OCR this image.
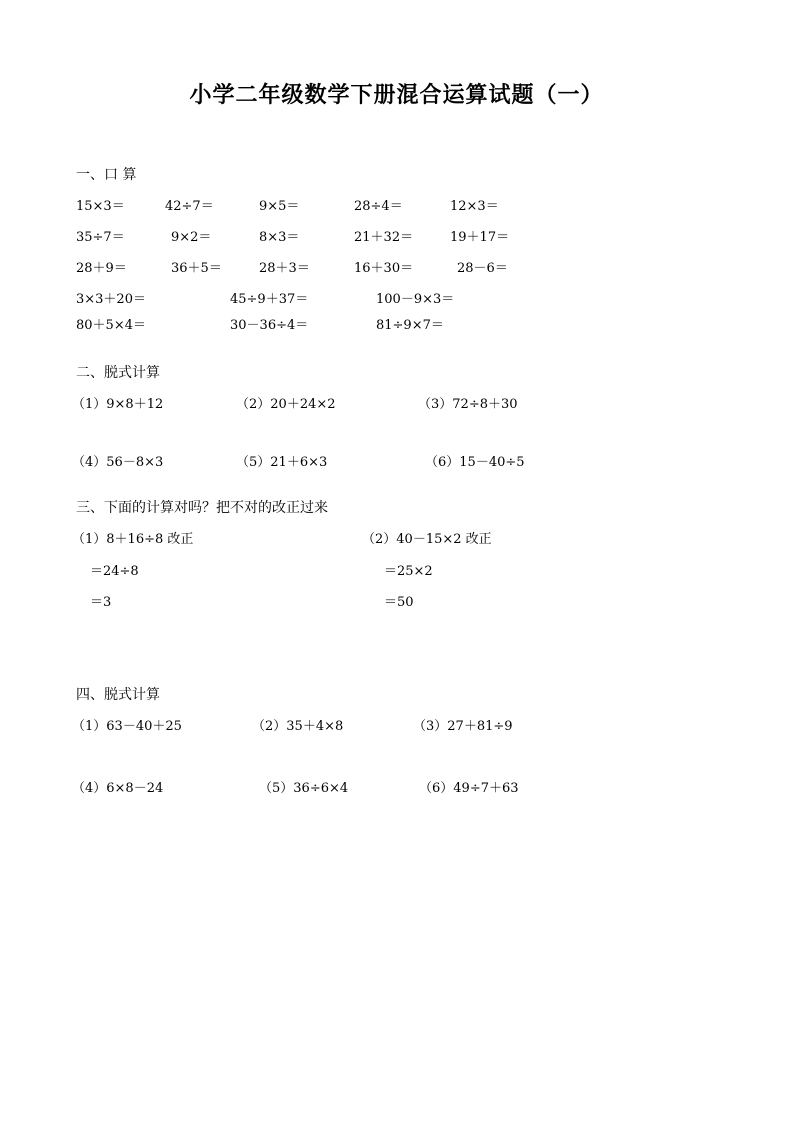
小学二年级数学下册混合运算试题（一）
一、口 算
15×3＝	42÷7＝	9×5＝	28÷4＝	12×3＝
35÷7＝	9×2＝	8×3＝	21＋32＝	19＋17＝
28＋9＝	36＋5＝	28＋3＝	16＋30＝	28－6＝
3×3＋20＝	45÷9＋37＝	100－9×3＝
80＋5×4＝	30－36÷4＝	81÷9×7＝
二、脱式计算
（1）9×8＋12	（2）20＋24×2	（3）72÷8＋30
（4）56－8×3	（5）21＋6×3	（6）15－40÷5
三、下面的计算对吗？把不对的改正过来
（1）8＋16÷8 改正
＝24÷8
＝3
（2）40－15×2 改正
＝25×2
＝50
四、脱式计算
（1）63－40＋25	（2）35＋4×8	（3）27＋81÷9
（4）6×8－24	（5）36÷6×4	（6）49÷7＋63
